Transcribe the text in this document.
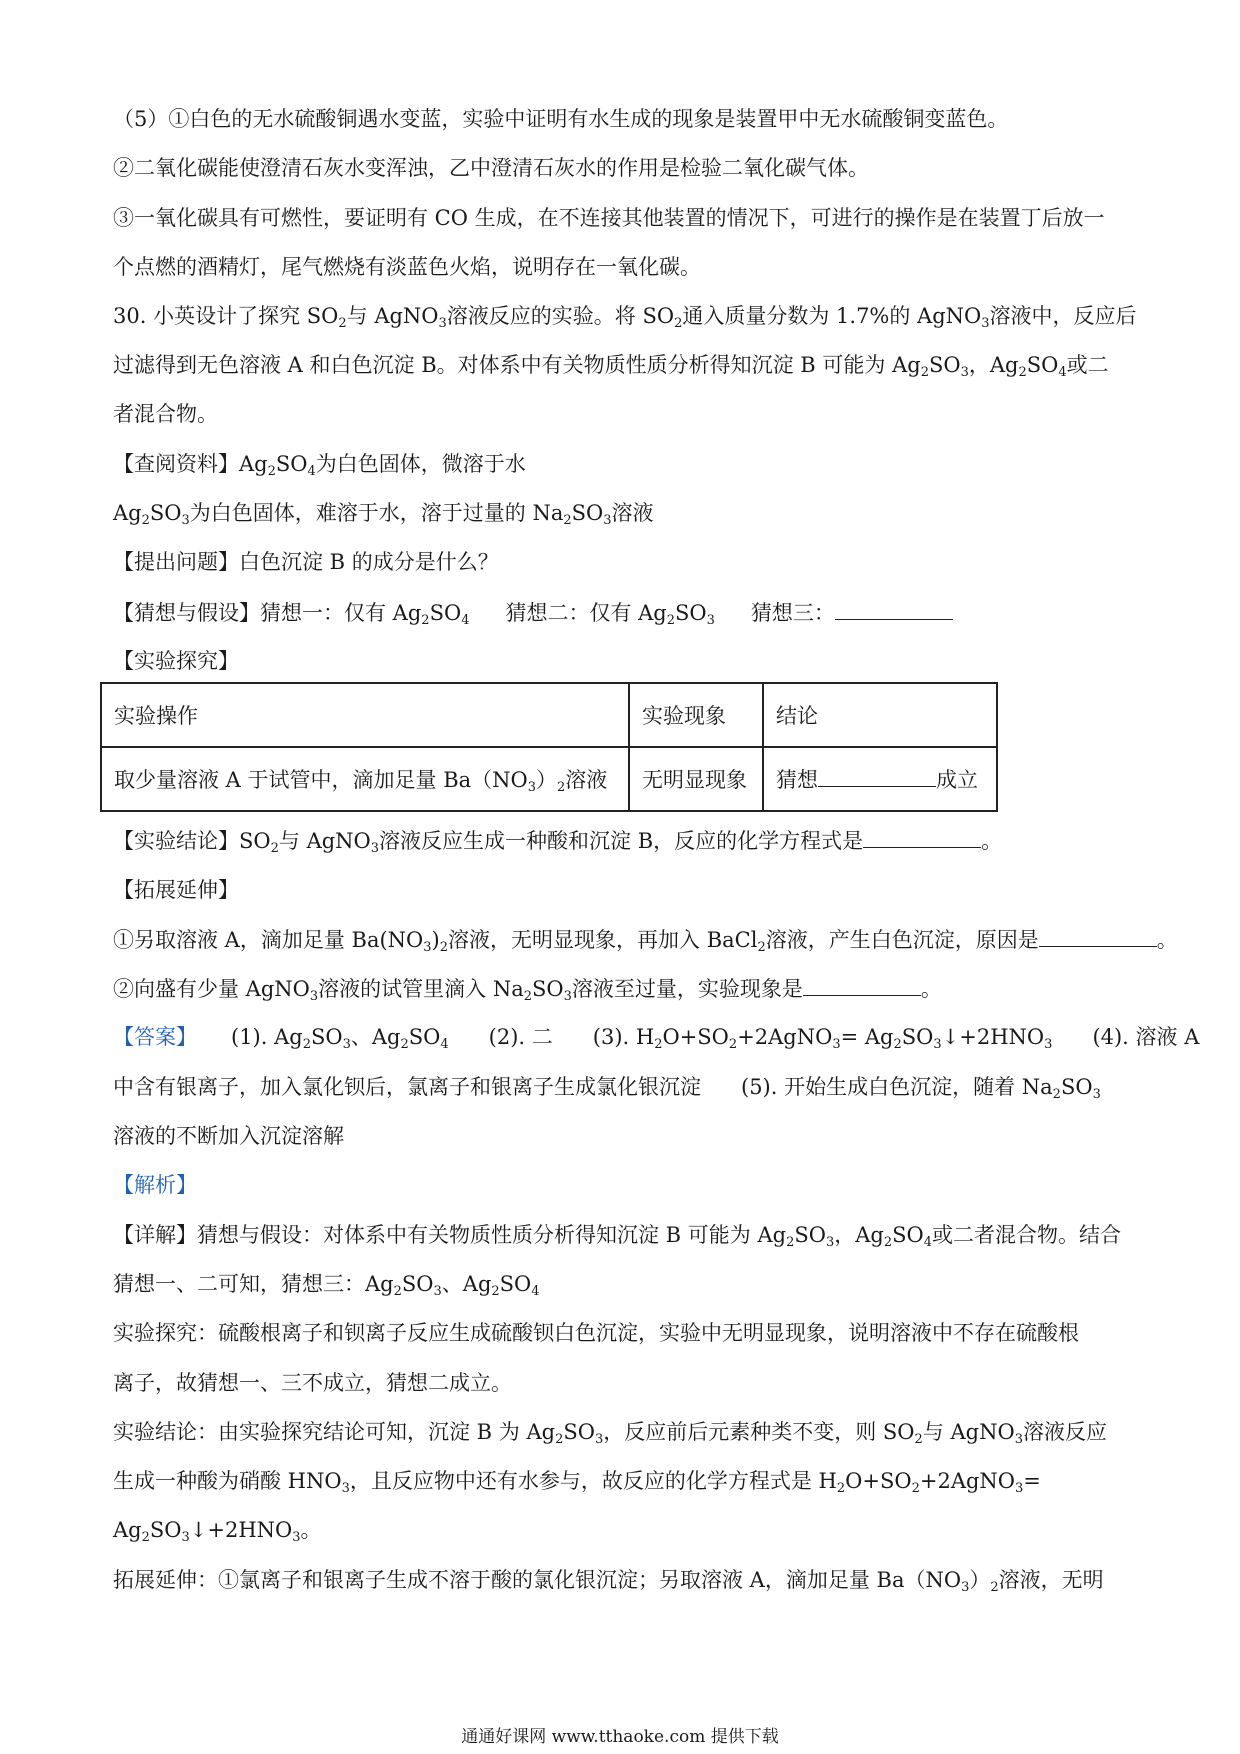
（5）①白色的无水硫酸铜遇水变蓝，实验中证明有水生成的现象是装置甲中无水硫酸铜变蓝色。
②二氧化碳能使澄清石灰水变浑浊，乙中澄清石灰水的作用是检验二氧化碳气体。
③一氧化碳具有可燃性，要证明有 CO 生成，在不连接其他装置的情况下，可进行的操作是在装置丁后放一
个点燃的酒精灯，尾气燃烧有淡蓝色火焰，说明存在一氧化碳。
30. 小英设计了探究 $SO_2$与 AgNO$_3$溶液反应的实验。将 $SO_2$通入质量分数为 1.7%的 AgNO$_3$溶液中，反应后
过滤得到无色溶液 A 和白色沉淀 B。对体系中有关物质性质分析得知沉淀 B 可能为 $Ag_2SO_3$，$Ag_2SO_4$或二
者混合物。
【查阅资料】$Ag_2SO_4$为白色固体，微溶于水
$Ag_2SO_3$为白色固体，难溶于水，溶于过量的 $Na_2SO_3$溶液
【提出问题】白色沉淀 B 的成分是什么？
【猜想与假设】猜想一：仅有 $Ag_2SO_4$ 猜想二：仅有 $Ag_2SO_3$ 猜想三：
【实验探究】
实验操作	实验现象	结论
取少量溶液 A 于试管中，滴加足量 $Ba(NO_3)_2$溶液	无明显现象	猜想 成立
【实验结论】$SO_2$与 AgNO$_3$溶液反应生成一种酸和沉淀 B，反应的化学方程式是	。
【拓展延伸】
①另取溶液 A，滴加足量 $Ba(NO_3)_2$溶液，无明显现象，再加入 BaCl$_2$溶液，产生白色沉淀，原因是	。
②向盛有少量 AgNO$_3$溶液的试管里滴入 $Na_2SO_3$溶液至过量，实验现象是	。
【答案】 (1). $Ag_2SO_3$、$Ag_2SO_4$ (2). 二 (3). $H_2O+SO_2+2AgNO_3=$ $Ag_2SO_3↓+2HNO_3$ (4). 溶液 A
中含有银离子，加入氯化钡后，氯离子和银离子生成氯化银沉淀 (5). 开始生成白色沉淀，随着 $Na_2SO_3$
溶液的不断加入沉淀溶解
【解析】
【详解】猜想与假设：对体系中有关物质性质分析得知沉淀 B 可能为 $Ag_2SO_3$，$Ag_2SO_4$或二者混合物。结合
猜想一、二可知，猜想三：$Ag_2SO_3$、$Ag_2SO_4$
实验探究：硫酸根离子和钡离子反应生成硫酸钡白色沉淀，实验中无明显现象，说明溶液中不存在硫酸根
离子，故猜想一、三不成立，猜想二成立。
实验结论：由实验探究结论可知，沉淀 B 为 $Ag_2SO_3$，反应前后元素种类不变，则 $SO_2$与 AgNO$_3$溶液反应
生成一种酸为硝酸 $HNO_3$，且反应物中还有水参与，故反应的化学方程式是 $H_2O+SO_2+2AgNO_3=$
$Ag_2SO_3↓+2HNO_3$。
拓展延伸：①氯离子和银离子生成不溶于酸的氯化银沉淀；另取溶液 A，滴加足量 $Ba(NO_3)_2$溶液，无明
通通好课网 www.tthaoke.com 提供下载
